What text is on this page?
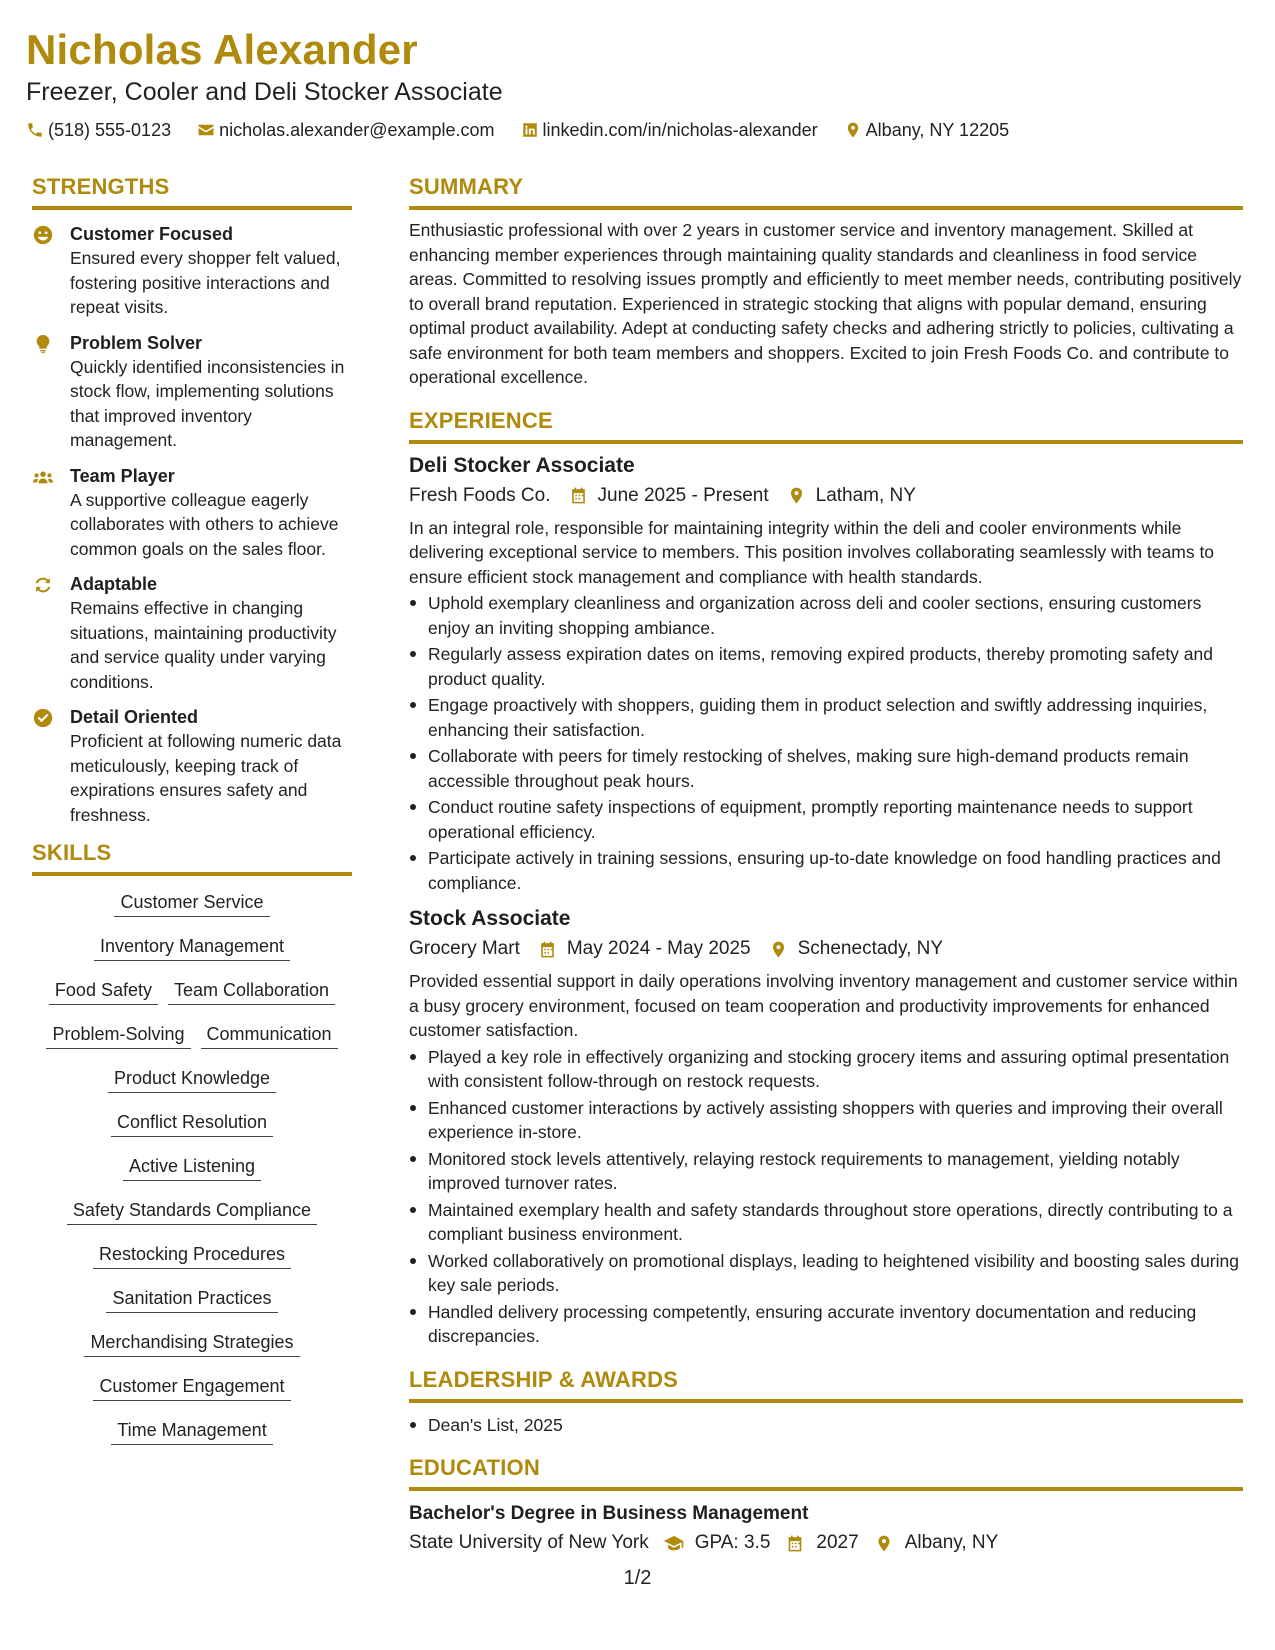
Nicholas Alexander
Freezer, Cooler and Deli Stocker Associate
(518) 555-0123	nicholas.alexander@example.com	linkedin.com/in/nicholas-alexander	Albany, NY 12205
STRENGTHS
Customer Focused
Ensured every shopper felt valued, fostering positive interactions and repeat visits.
Problem Solver
Quickly identified inconsistencies in stock flow, implementing solutions that improved inventory management.
Team Player
A supportive colleague eagerly collaborates with others to achieve common goals on the sales floor.
Adaptable
Remains effective in changing situations, maintaining productivity and service quality under varying conditions.
Detail Oriented
Proficient at following numeric data meticulously, keeping track of expirations ensures safety and freshness.
SKILLS
Customer Service
Inventory Management
Food Safety	Team Collaboration
Problem-Solving	Communication
Product Knowledge
Conflict Resolution
Active Listening
Safety Standards Compliance
Restocking Procedures
Sanitation Practices
Merchandising Strategies
Customer Engagement
Time Management
SUMMARY
Enthusiastic professional with over 2 years in customer service and inventory management. Skilled at enhancing member experiences through maintaining quality standards and cleanliness in food service areas. Committed to resolving issues promptly and efficiently to meet member needs, contributing positively to overall brand reputation. Experienced in strategic stocking that aligns with popular demand, ensuring optimal product availability. Adept at conducting safety checks and adhering strictly to policies, cultivating a safe environment for both team members and shoppers. Excited to join Fresh Foods Co. and contribute to operational excellence.
EXPERIENCE
Deli Stocker Associate
Fresh Foods Co. June 2025 - Present Latham, NY
In an integral role, responsible for maintaining integrity within the deli and cooler environments while delivering exceptional service to members. This position involves collaborating seamlessly with teams to ensure efficient stock management and compliance with health standards.
Uphold exemplary cleanliness and organization across deli and cooler sections, ensuring customers enjoy an inviting shopping ambiance.
Regularly assess expiration dates on items, removing expired products, thereby promoting safety and product quality.
Engage proactively with shoppers, guiding them in product selection and swiftly addressing inquiries, enhancing their satisfaction.
Collaborate with peers for timely restocking of shelves, making sure high-demand products remain accessible throughout peak hours.
Conduct routine safety inspections of equipment, promptly reporting maintenance needs to support operational efficiency.
Participate actively in training sessions, ensuring up-to-date knowledge on food handling practices and compliance.
Stock Associate
Grocery Mart May 2024 - May 2025 Schenectady, NY
Provided essential support in daily operations involving inventory management and customer service within a busy grocery environment, focused on team cooperation and productivity improvements for enhanced customer satisfaction.
Played a key role in effectively organizing and stocking grocery items and assuring optimal presentation with consistent follow-through on restock requests.
Enhanced customer interactions by actively assisting shoppers with queries and improving their overall experience in-store.
Monitored stock levels attentively, relaying restock requirements to management, yielding notably improved turnover rates.
Maintained exemplary health and safety standards throughout store operations, directly contributing to a compliant business environment.
Worked collaboratively on promotional displays, leading to heightened visibility and boosting sales during key sale periods.
Handled delivery processing competently, ensuring accurate inventory documentation and reducing discrepancies.
LEADERSHIP & AWARDS
Dean's List, 2025
EDUCATION
Bachelor's Degree in Business Management
State University of New York GPA: 3.5 2027 Albany, NY
1/2
